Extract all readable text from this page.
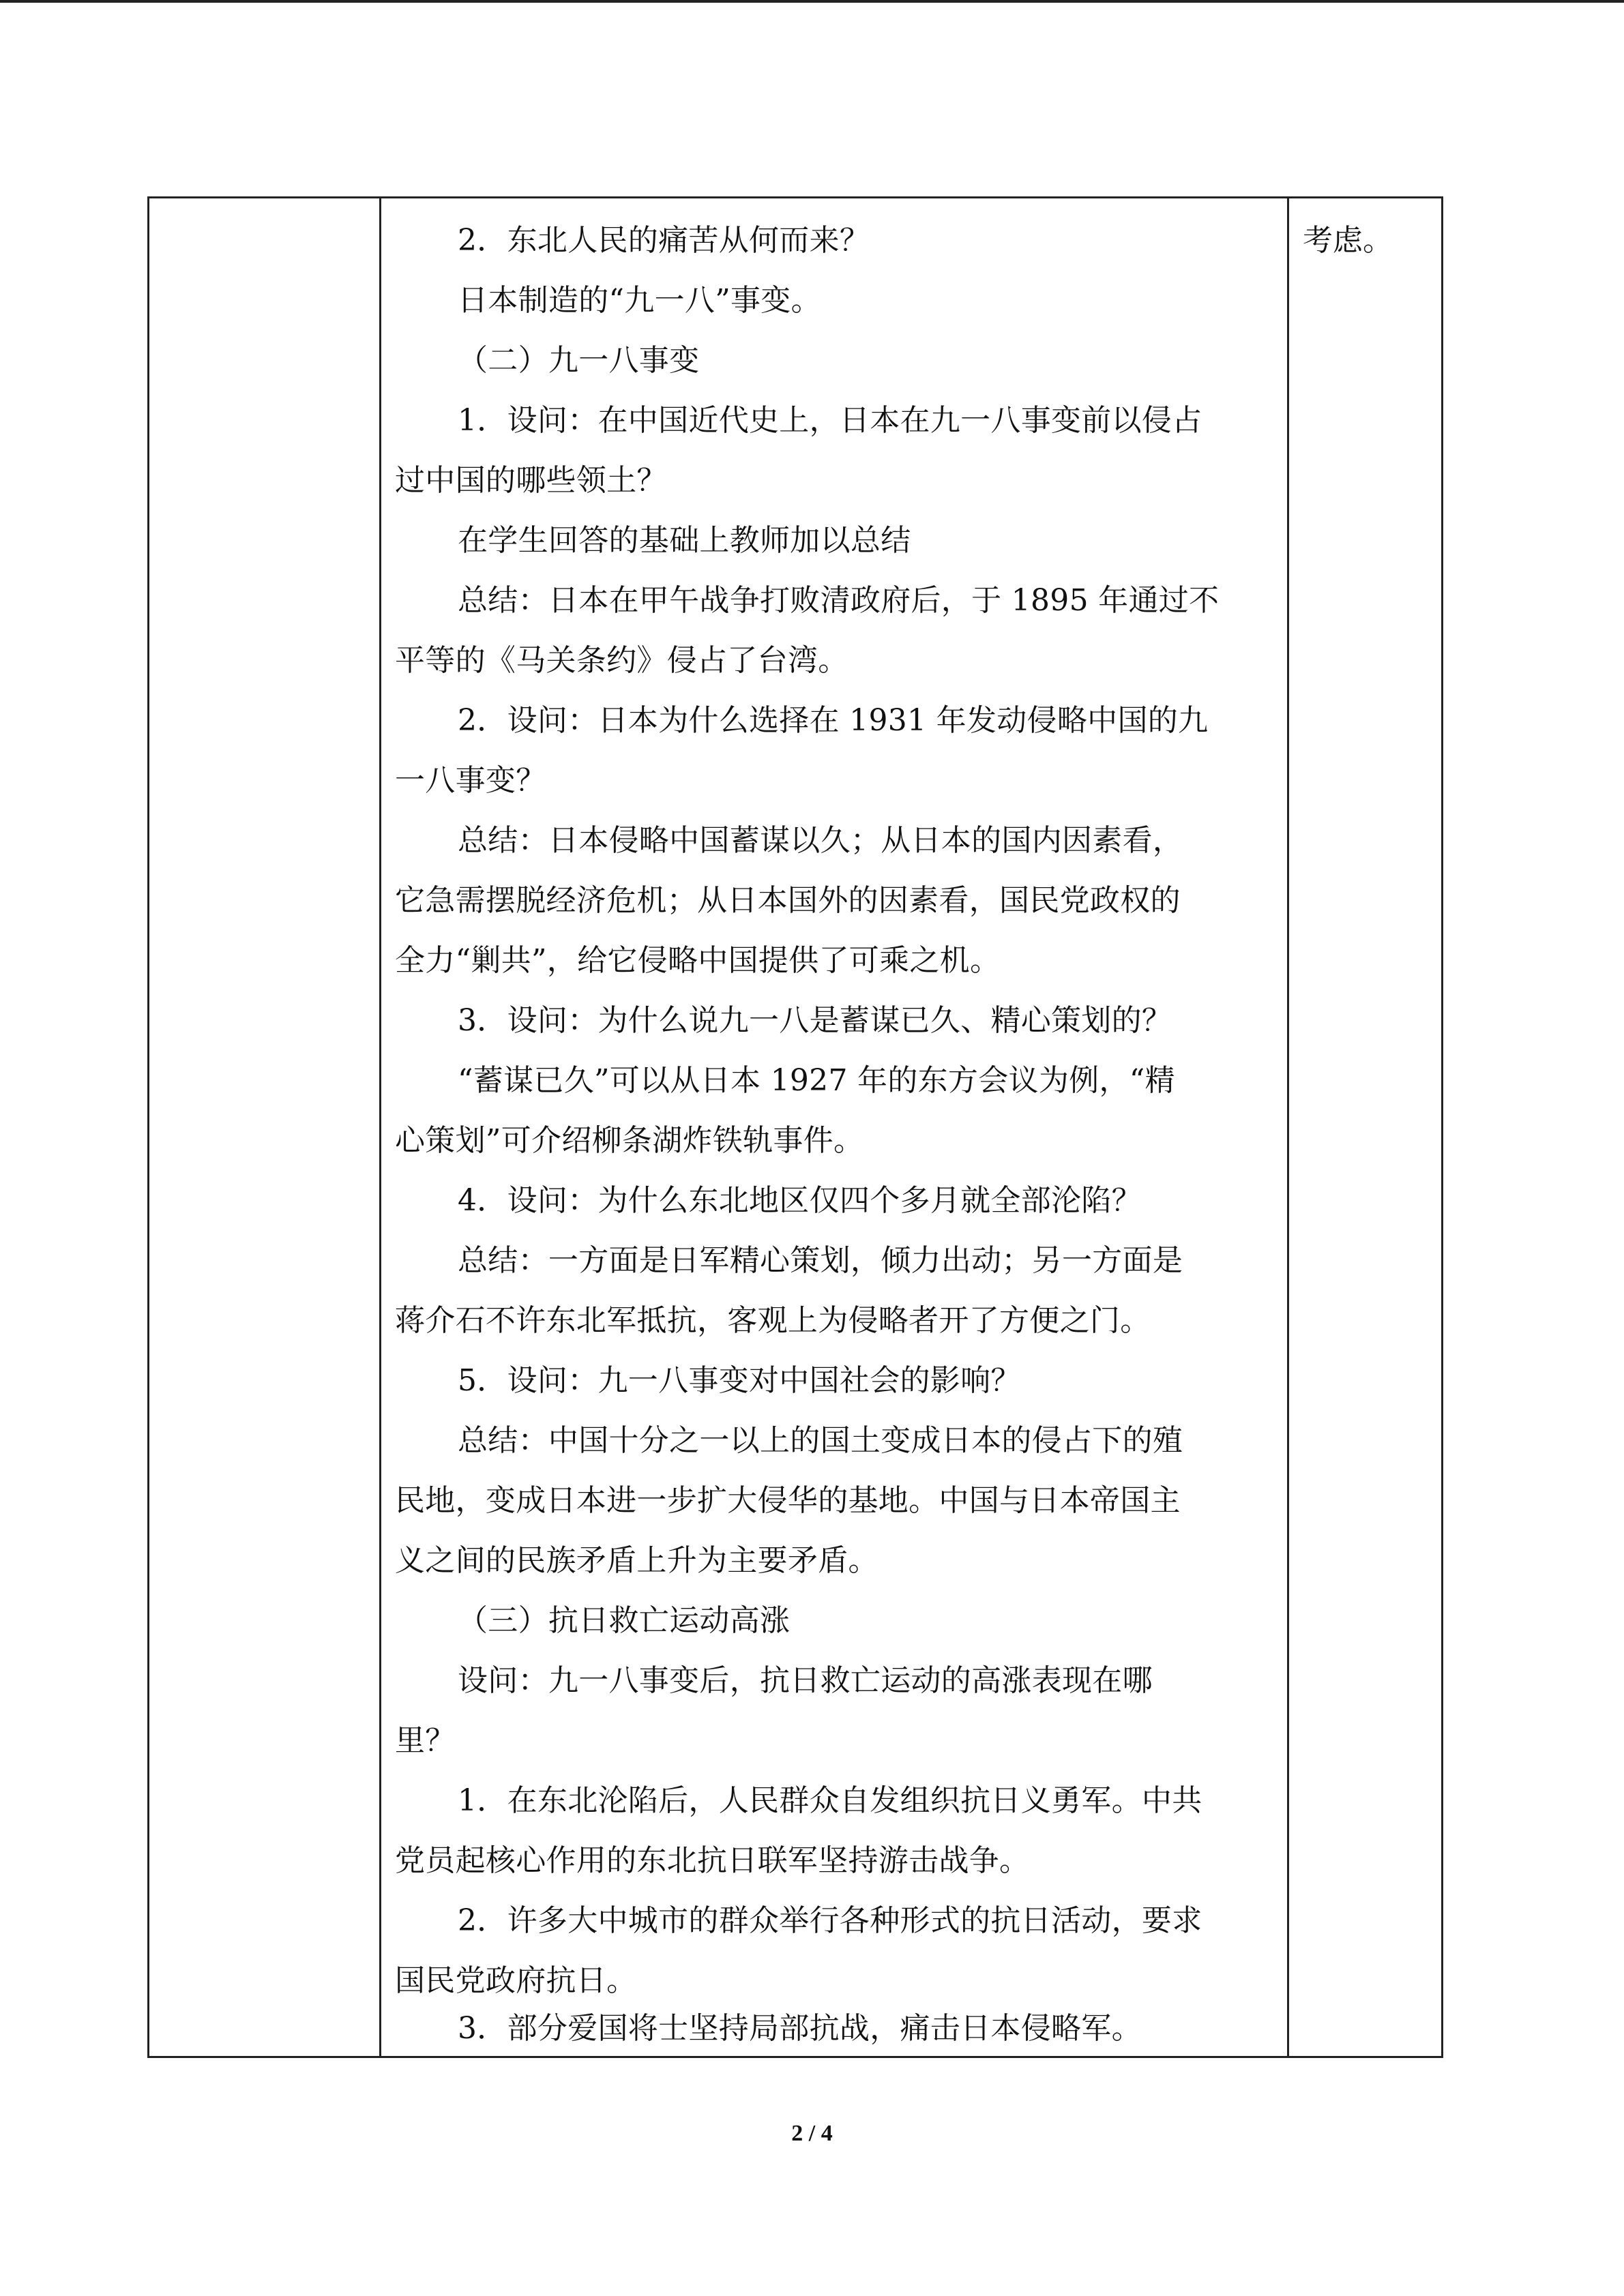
2．东北人民的痛苦从何而来？
日本制造的“九一八”事变。
（二）九一八事变
1．设问：在中国近代史上，日本在九一八事变前以侵占
过中国的哪些领土？
在学生回答的基础上教师加以总结
总结：日本在甲午战争打败清政府后，于 1895 年通过不
平等的《马关条约》侵占了台湾。
2．设问：日本为什么选择在 1931 年发动侵略中国的九
一八事变？
总结：日本侵略中国蓄谋以久；从日本的国内因素看，
它急需摆脱经济危机；从日本国外的因素看，国民党政权的
全力“剿共”，给它侵略中国提供了可乘之机。
3．设问：为什么说九一八是蓄谋已久、精心策划的？
“蓄谋已久”可以从日本 1927 年的东方会议为例，“精
心策划”可介绍柳条湖炸铁轨事件。
4．设问：为什么东北地区仅四个多月就全部沦陷？
总结：一方面是日军精心策划，倾力出动；另一方面是
蒋介石不许东北军抵抗，客观上为侵略者开了方便之门。
5．设问：九一八事变对中国社会的影响？
总结：中国十分之一以上的国土变成日本的侵占下的殖
民地，变成日本进一步扩大侵华的基地。中国与日本帝国主
义之间的民族矛盾上升为主要矛盾。
（三）抗日救亡运动高涨
设问：九一八事变后，抗日救亡运动的高涨表现在哪
里？
1．在东北沦陷后，人民群众自发组织抗日义勇军。中共
党员起核心作用的东北抗日联军坚持游击战争。
2．许多大中城市的群众举行各种形式的抗日活动，要求
国民党政府抗日。
3．部分爱国将士坚持局部抗战，痛击日本侵略军。
考虑。
2 / 4
